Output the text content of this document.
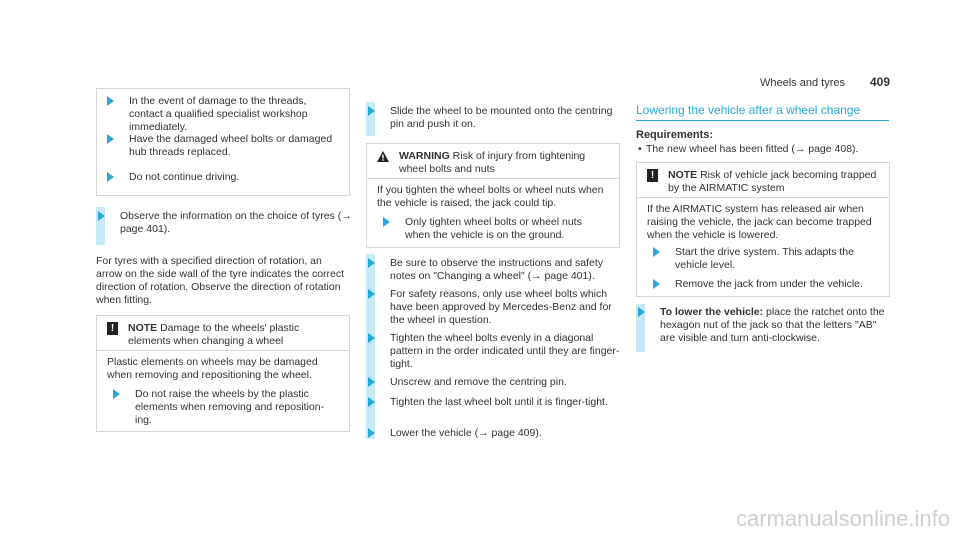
Wheels and tyres 409
In the event of damage to the threads, contact a qualified specialist workshop immediately.
Have the damaged wheel bolts or damaged hub threads replaced.
Do not continue driving.
Observe the information on the choice of tyres (→ page 401).
For tyres with a specified direction of rotation, an arrow on the side wall of the tyre indicates the correct direction of rotation. Observe the direction of rotation when fitting.
!	NOTE Damage to the wheels' plastic elements when changing a wheel
Plastic elements on wheels may be damaged when removing and repositioning the wheel.
Do not raise the wheels by the plastic elements when removing and reposition-ing.
Slide the wheel to be mounted onto the centring pin and push it on.
WARNING Risk of injury from tightening wheel bolts and nuts
If you tighten the wheel bolts or wheel nuts when the vehicle is raised, the jack could tip.
Only tighten wheel bolts or wheel nuts when the vehicle is on the ground.
Be sure to observe the instructions and safety notes on "Changing a wheel" (→ page 401).
For safety reasons, only use wheel bolts which have been approved by Mercedes-Benz and for the wheel in question.
Tighten the wheel bolts evenly in a diagonal pattern in the order indicated until they are finger-tight.
Unscrew and remove the centring pin.
Tighten the last wheel bolt until it is finger-tight.
Lower the vehicle (→ page 409).
Lowering the vehicle after a wheel change
Requirements:
• The new wheel has been fitted (→ page 408).
!	NOTE Risk of vehicle jack becoming trapped by the AIRMATIC system
If the AIRMATIC system has released air when raising the vehicle, the jack can become trapped when the vehicle is lowered.
Start the drive system. This adapts the vehicle level.
Remove the jack from under the vehicle.
To lower the vehicle: place the ratchet onto the hexagon nut of the jack so that the letters "AB" are visible and turn anti-clockwise.
carmanualsonline.info
